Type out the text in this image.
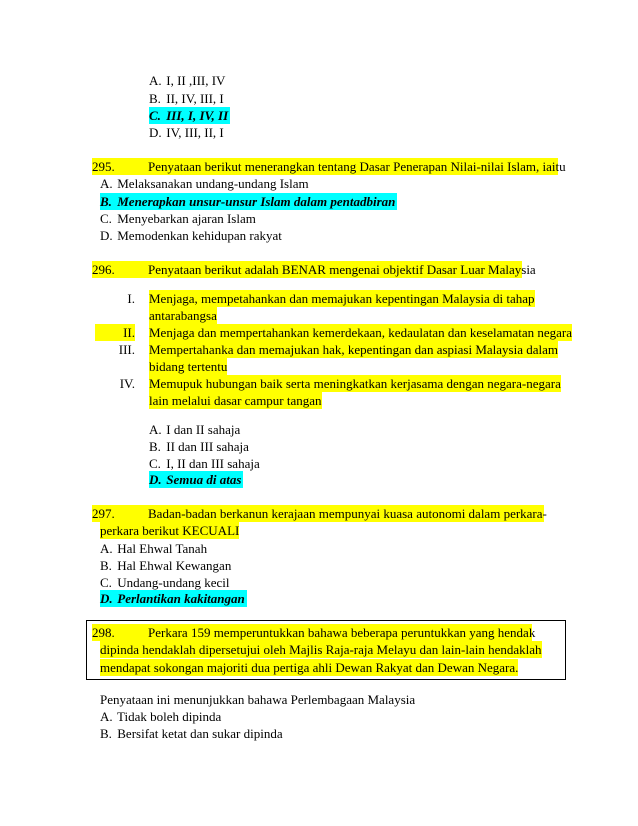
A. I, II ,III, IV
B. II, IV, III, I
C. III, I, IV, II
D. IV, III, II, I
295.	Penyataan berikut menerangkan tentang Dasar Penerapan Nilai-nilai Islam, iaitu
A. Melaksanakan undang-undang Islam
B. Menerapkan unsur-unsur Islam dalam pentadbiran
C. Menyebarkan ajaran Islam
D. Memodenkan kehidupan rakyat
296.	Penyataan berikut adalah BENAR mengenai objektif Dasar Luar Malaysia
I. Menjaga, mempetahankan dan memajukan kepentingan Malaysia di tahap
antarabangsa
II. Menjaga dan mempertahankan kemerdekaan, kedaulatan dan keselamatan negara
III. Mempertahanka dan memajukan hak, kepentingan dan aspiasi Malaysia dalam
bidang tertentu
IV. Memupuk hubungan baik serta meningkatkan kerjasama dengan negara-negara
lain melalui dasar campur tangan
A. I dan II sahaja
B. II dan III sahaja
C. I, II dan III sahaja
D. Semua di atas
297.	Badan-badan berkanun kerajaan mempunyai kuasa autonomi dalam perkara-
perkara berikut KECUALI
A. Hal Ehwal Tanah
B. Hal Ehwal Kewangan
C. Undang-undang kecil
D. Perlantikan kakitangan
298.	Perkara 159 memperuntukkan bahawa beberapa peruntukkan yang hendak
dipinda hendaklah dipersetujui oleh Majlis Raja-raja Melayu dan lain-lain hendaklah
mendapat sokongan majoriti dua pertiga ahli Dewan Rakyat dan Dewan Negara.
Penyataan ini menunjukkan bahawa Perlembagaan Malaysia
A. Tidak boleh dipinda
B. Bersifat ketat dan sukar dipinda
